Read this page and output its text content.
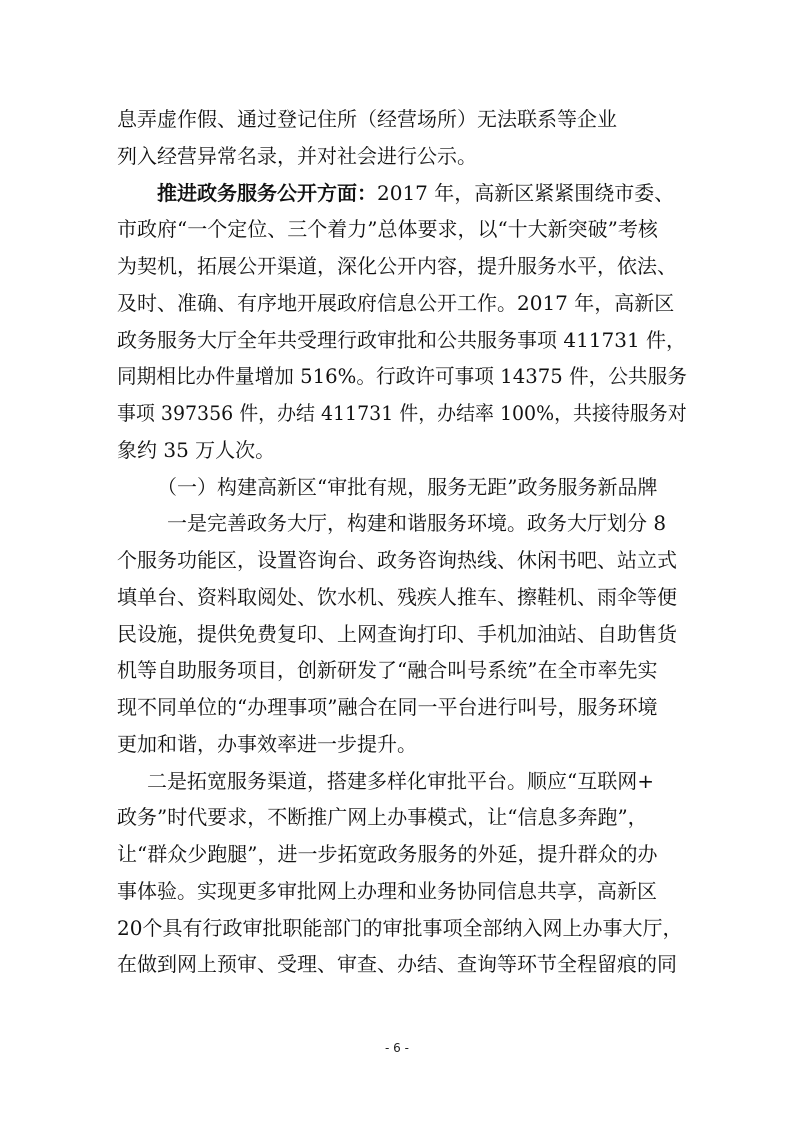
息弄虚作假、通过登记住所（经营场所）无法联系等企业
列入经营异常名录，并对社会进行公示。
推进政务服务公开方面：2017 年，高新区紧紧围绕市委、
市政府“一个定位、三个着力”总体要求，以“十大新突破”考核
为契机，拓展公开渠道，深化公开内容，提升服务水平，依法、
及时、准确、有序地开展政府信息公开工作。2017 年，高新区
政务服务大厅全年共受理行政审批和公共服务事项 411731 件，
同期相比办件量增加 516%。行政许可事项 14375 件，公共服务
事项 397356 件，办结 411731 件，办结率 100%，共接待服务对
象约 35 万人次。
（一）构建高新区“审批有规，服务无距”政务服务新品牌
一是完善政务大厅，构建和谐服务环境。政务大厅划分 8
个服务功能区，设置咨询台、政务咨询热线、休闲书吧、站立式
填单台、资料取阅处、饮水机、残疾人推车、擦鞋机、雨伞等便
民设施，提供免费复印、上网查询打印、手机加油站、自助售货
机等自助服务项目，创新研发了“融合叫号系统”在全市率先实
现不同单位的“办理事项”融合在同一平台进行叫号，服务环境
更加和谐，办事效率进一步提升。
二是拓宽服务渠道，搭建多样化审批平台。顺应“互联网+
政务”时代要求，不断推广网上办事模式，让“信息多奔跑”，
让“群众少跑腿”，进一步拓宽政务服务的外延，提升群众的办
事体验。实现更多审批网上办理和业务协同信息共享，高新区
20个具有行政审批职能部门的审批事项全部纳入网上办事大厅，
在做到网上预审、受理、审查、办结、查询等环节全程留痕的同
- 6 -
